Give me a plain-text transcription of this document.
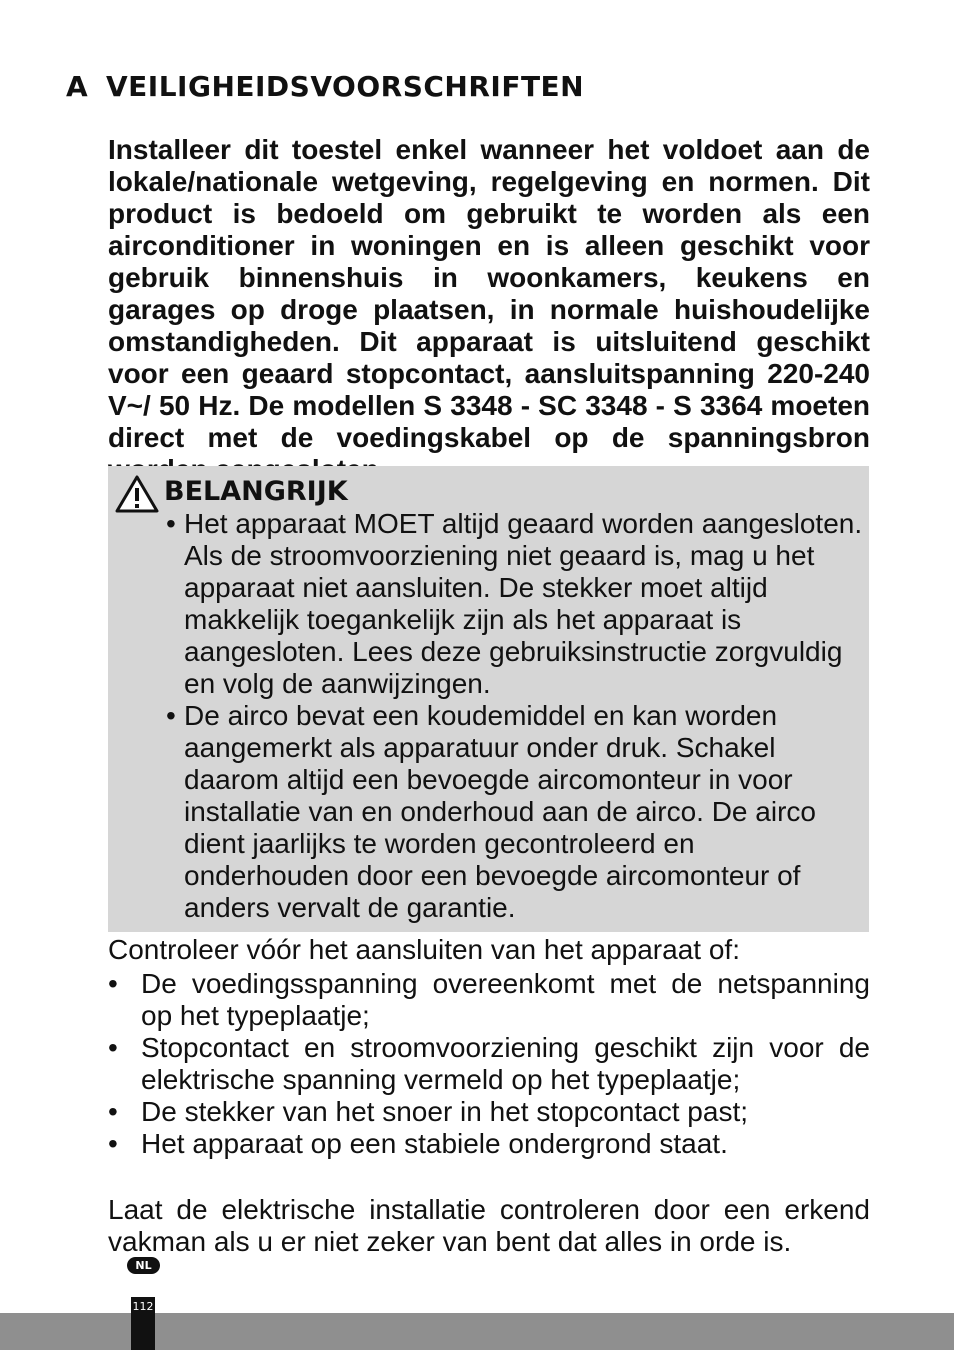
A VEILIGHEIDSVOORSCHRIFTEN

Installeer dit toestel enkel wanneer het voldoet aan de lokale/nationale wetgeving, regelgeving en normen. Dit product is bedoeld om gebruikt te worden als een airconditioner in woningen en is alleen geschikt voor gebruik binnenshuis in woonkamers, keukens en garages op droge plaatsen, in normale huishoudelijke omstandigheden. Dit apparaat is uitsluitend geschikt voor een geaard stopcontact, aansluitspanning 220-240 V~/ 50 Hz. De modellen S 3348 - SC 3348 - S 3364 moeten direct met de voedingskabel op de spanningsbron

BELANGRIJK
• Het apparaat MOET altijd geaard worden aangesloten. Als de stroomvoorziening niet geaard is, mag u het apparaat niet aansluiten. De stekker moet altijd makkelijk toegankelijk zijn als het apparaat is aangesloten. Lees deze gebruiksinstructie zorgvuldig en volg de aanwijzingen.
• De airco bevat een koudemiddel en kan worden aangemerkt als apparatuur onder druk. Schakel daarom altijd een bevoegde aircomonteur in voor installatie van en onderhoud aan de airco. De airco dient jaarlijks te worden gecontroleerd en onderhouden door een bevoegde aircomonteur of anders vervalt de garantie.

Controleer vóór het aansluiten van het apparaat of:

• De voedingsspanning overeenkomt met de netspanning op het typeplaatje;
• Stopcontact en stroomvoorziening geschikt zijn voor de elektrische spanning vermeld op het typeplaatje;
• De stekker van het snoer in het stopcontact past;
• Het apparaat op een stabiele ondergrond staat.

Laat de elektrische installatie controleren door een erkend vakman als u er niet zeker van bent dat alles in orde is.

NL
112
